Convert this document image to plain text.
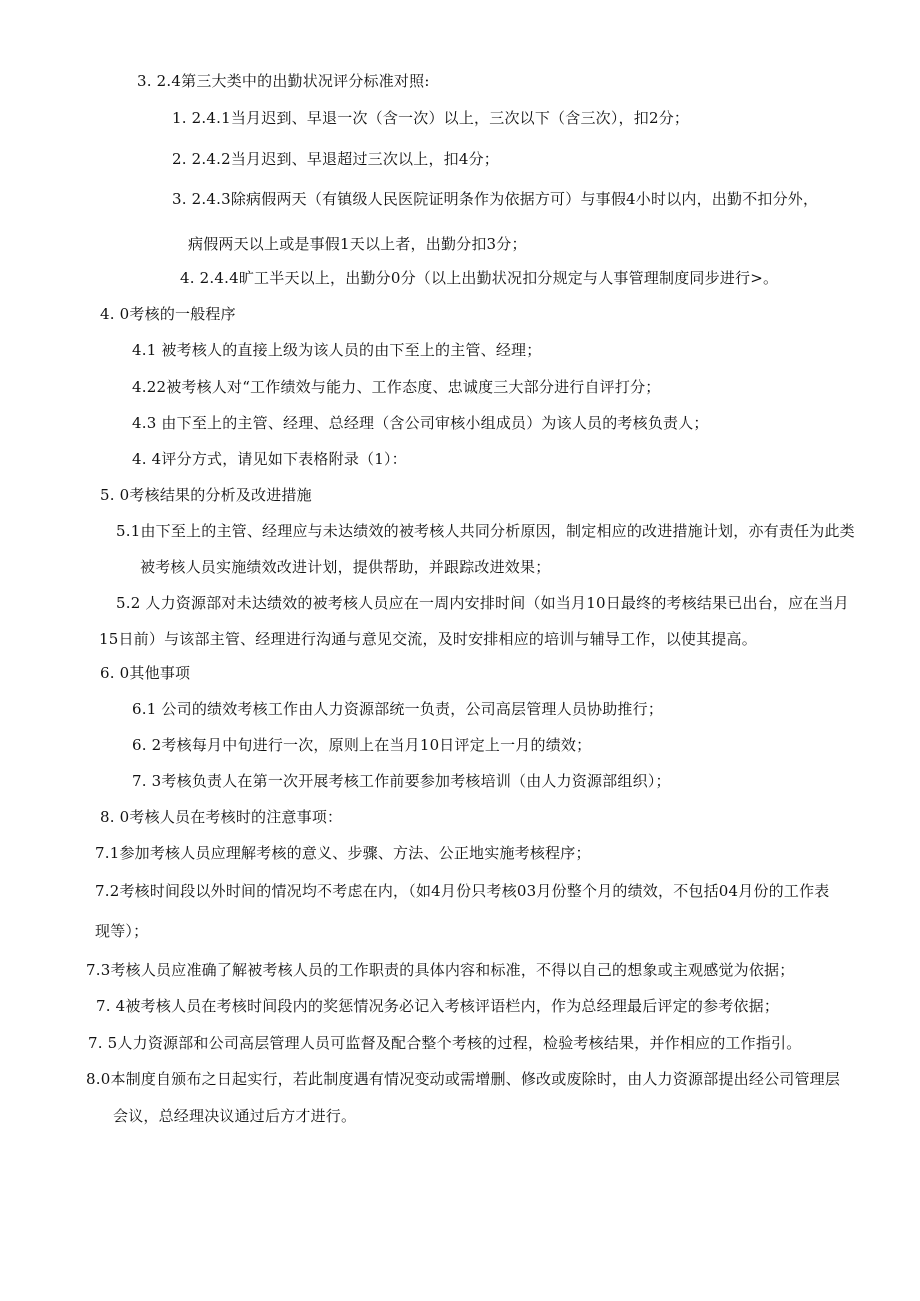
3. 2.4第三大类中的出勤状况评分标准对照:
1. 2.4.1当月迟到、早退一次（含一次）以上，三次以下（含三次），扣2分；
2. 2.4.2当月迟到、早退超过三次以上，扣4分；
3. 2.4.3除病假两天（有镇级人民医院证明条作为依据方可）与事假4小时以内，出勤不扣分外，
病假两天以上或是事假1天以上者，出勤分扣3分；
4. 2.4.4旷工半天以上，出勤分0分（以上出勤状况扣分规定与人事管理制度同步进行>。
4. 0考核的一般程序
4.1 被考核人的直接上级为该人员的由下至上的主管、经理；
4.22被考核人对“工作绩效与能力、工作态度、忠诚度三大部分进行自评打分；
4.3 由下至上的主管、经理、总经理（含公司审核小组成员）为该人员的考核负责人；
4. 4评分方式，请见如下表格附录（1）：
5. 0考核结果的分析及改进措施
5.1由下至上的主管、经理应与未达绩效的被考核人共同分析原因，制定相应的改进措施计划，亦有责任为此类
被考核人员实施绩效改进计划，提供帮助，并跟踪改进效果；
5.2 人力资源部对未达绩效的被考核人员应在一周内安排时间（如当月10日最终的考核结果已出台，应在当月
15日前）与该部主管、经理进行沟通与意见交流，及时安排相应的培训与辅导工作，以使其提高。
6. 0其他事项
6.1 公司的绩效考核工作由人力资源部统一负责，公司高层管理人员协助推行；
6. 2考核每月中旬进行一次，原则上在当月10日评定上一月的绩效；
7. 3考核负责人在第一次开展考核工作前要参加考核培训（由人力资源部组织）；
8. 0考核人员在考核时的注意事项：
7.1参加考核人员应理解考核的意义、步骤、方法、公正地实施考核程序；
7.2考核时间段以外时间的情况均不考虑在内，（如4月份只考核03月份整个月的绩效，不包括04月份的工作表
现等）；
7.3考核人员应准确了解被考核人员的工作职责的具体内容和标准，不得以自己的想象或主观感觉为依据；
7. 4被考核人员在考核时间段内的奖惩情况务必记入考核评语栏内，作为总经理最后评定的参考依据；
7. 5人力资源部和公司高层管理人员可监督及配合整个考核的过程，检验考核结果，并作相应的工作指引。
8.0本制度自颁布之日起实行，若此制度遇有情况变动或需增删、修改或废除时，由人力资源部提出经公司管理层
会议，总经理决议通过后方才进行。
